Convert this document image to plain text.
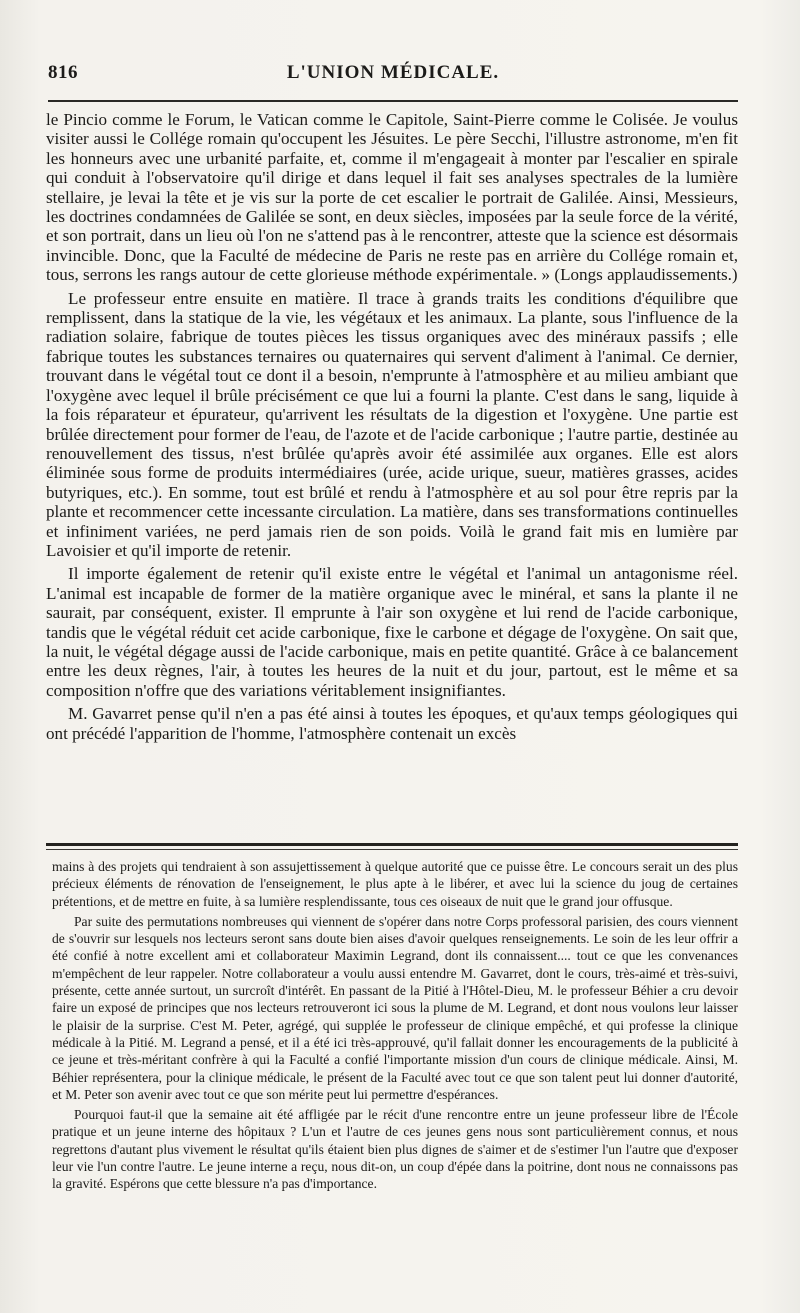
816	L'UNION MÉDICALE.

le Pincio comme le Forum, le Vatican comme le Capitole, Saint-Pierre comme le Colisée. Je voulus visiter aussi le Collége romain qu'occupent les Jésuites. Le père Secchi, l'illustre astronome, m'en fit les honneurs avec une urbanité parfaite, et, comme il m'engageait à monter par l'escalier en spirale qui conduit à l'observatoire qu'il dirige et dans lequel il fait ses analyses spectrales de la lumière stellaire, je levai la tête et je vis sur la porte de cet escalier le portrait de Galilée. Ainsi, Messieurs, les doctrines condamnées de Galilée se sont, en deux siècles, imposées par la seule force de la vérité, et son portrait, dans un lieu où l'on ne s'attend pas à le rencontrer, atteste que la science est désormais invincible. Donc, que la Faculté de médecine de Paris ne reste pas en arrière du Collége romain et, tous, serrons les rangs autour de cette glorieuse méthode expérimentale. » (Longs applaudissements.)

Le professeur entre ensuite en matière. Il trace à grands traits les conditions d'équilibre que remplissent, dans la statique de la vie, les végétaux et les animaux. La plante, sous l'influence de la radiation solaire, fabrique de toutes pièces les tissus organiques avec des minéraux passifs ; elle fabrique toutes les substances ternaires ou quaternaires qui servent d'aliment à l'animal. Ce dernier, trouvant dans le végétal tout ce dont il a besoin, n'emprunte à l'atmosphère et au milieu ambiant que l'oxygène avec lequel il brûle précisément ce que lui a fourni la plante. C'est dans le sang, liquide à la fois réparateur et épurateur, qu'arrivent les résultats de la digestion et l'oxygène. Une partie est brûlée directement pour former de l'eau, de l'azote et de l'acide carbonique ; l'autre partie, destinée au renouvellement des tissus, n'est brûlée qu'après avoir été assimilée aux organes. Elle est alors éliminée sous forme de produits intermédiaires (urée, acide urique, sueur, matières grasses, acides butyriques, etc.). En somme, tout est brûlé et rendu à l'atmosphère et au sol pour être repris par la plante et recommencer cette incessante circulation. La matière, dans ses transformations continuelles et infiniment variées, ne perd jamais rien de son poids. Voilà le grand fait mis en lumière par Lavoisier et qu'il importe de retenir.

Il importe également de retenir qu'il existe entre le végétal et l'animal un antagonisme réel. L'animal est incapable de former de la matière organique avec le minéral, et sans la plante il ne saurait, par conséquent, exister. Il emprunte à l'air son oxygène et lui rend de l'acide carbonique, tandis que le végétal réduit cet acide carbonique, fixe le carbone et dégage de l'oxygène. On sait que, la nuit, le végétal dégage aussi de l'acide carbonique, mais en petite quantité. Grâce à ce balancement entre les deux règnes, l'air, à toutes les heures de la nuit et du jour, partout, est le même et sa composition n'offre que des variations véritablement insignifiantes.

M. Gavarret pense qu'il n'en a pas été ainsi à toutes les époques, et qu'aux temps géologiques qui ont précédé l'apparition de l'homme, l'atmosphère contenait un excès

mains à des projets qui tendraient à son assujettissement à quelque autorité que ce puisse être. Le concours serait un des plus précieux éléments de rénovation de l'enseignement, le plus apte à le libérer, et avec lui la science du joug de certaines prétentions, et de mettre en fuite, à sa lumière resplendissante, tous ces oiseaux de nuit que le grand jour offusque.

Par suite des permutations nombreuses qui viennent de s'opérer dans notre Corps professoral parisien, des cours viennent de s'ouvrir sur lesquels nos lecteurs seront sans doute bien aises d'avoir quelques renseignements. Le soin de les leur offrir a été confié à notre excellent ami et collaborateur Maximin Legrand, dont ils connaissent.... tout ce que les convenances m'empêchent de leur rappeler. Notre collaborateur a voulu aussi entendre M. Gavarret, dont le cours, très-aimé et très-suivi, présente, cette année surtout, un surcroît d'intérêt. En passant de la Pitié à l'Hôtel-Dieu, M. le professeur Béhier a cru devoir faire un exposé de principes que nos lecteurs retrouveront ici sous la plume de M. Legrand, et dont nous voulons leur laisser le plaisir de la surprise. C'est M. Peter, agrégé, qui supplée le professeur de clinique empêché, et qui professe la clinique médicale à la Pitié. M. Legrand a pensé, et il a été ici très-approuvé, qu'il fallait donner les encouragements de la publicité à ce jeune et très-méritant confrère à qui la Faculté a confié l'importante mission d'un cours de clinique médicale. Ainsi, M. Béhier représentera, pour la clinique médicale, le présent de la Faculté avec tout ce que son talent peut lui donner d'autorité, et M. Peter son avenir avec tout ce que son mérite peut lui permettre d'espérances.

Pourquoi faut-il que la semaine ait été affligée par le récit d'une rencontre entre un jeune professeur libre de l'École pratique et un jeune interne des hôpitaux ? L'un et l'autre de ces jeunes gens nous sont particulièrement connus, et nous regrettons d'autant plus vivement le résultat qu'ils étaient bien plus dignes de s'aimer et de s'estimer l'un l'autre que d'exposer leur vie l'un contre l'autre. Le jeune interne a reçu, nous dit-on, un coup d'épée dans la poitrine, dont nous ne connaissons pas la gravité. Espérons que cette blessure n'a pas d'importance.
